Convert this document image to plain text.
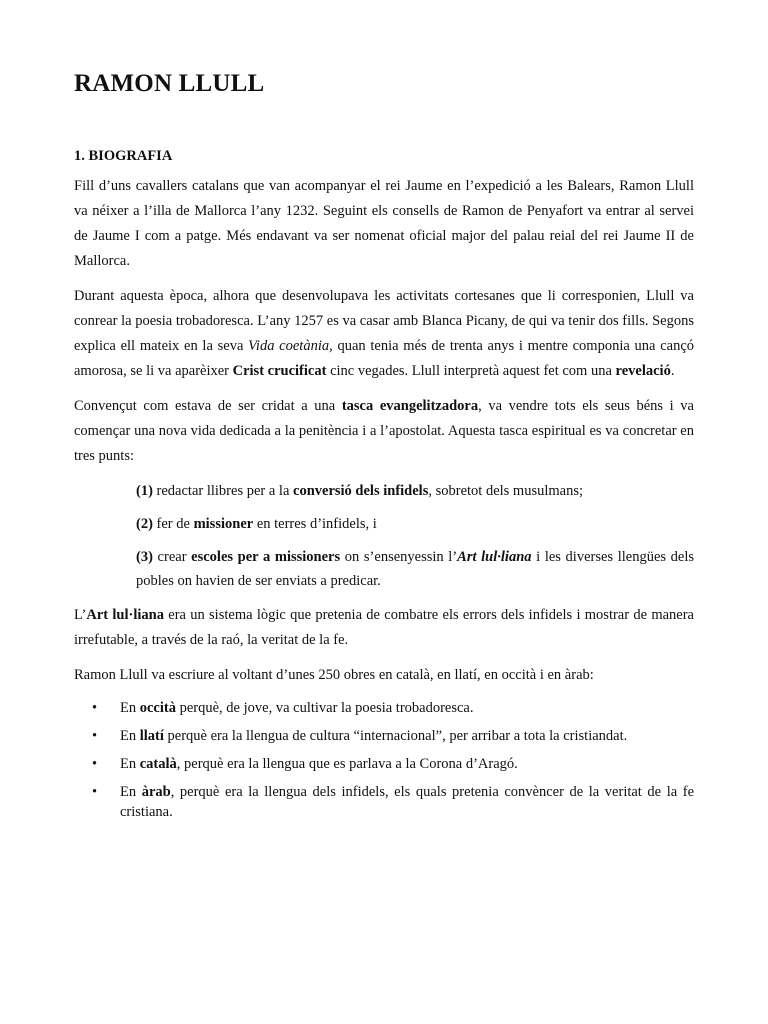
RAMON LLULL
1. BIOGRAFIA

Fill d’uns cavallers catalans que van acompanyar el rei Jaume en l’expedició a les Balears, Ramon Llull va néixer a l’illa de Mallorca l’any 1232. Seguint els consells de Ramon de Penyafort va entrar al servei de Jaume I com a patge. Més endavant va ser nomenat oficial major del palau reial del rei Jaume II de Mallorca.

Durant aquesta època, alhora que desenvolupava les activitats cortesanes que li corresponien, Llull va conrear la poesia trobadoresca. L’any 1257 es va casar amb Blanca Picany, de qui va tenir dos fills. Segons explica ell mateix en la seva Vida coetània, quan tenia més de trenta anys i mentre componia una cançó amorosa, se li va aparèixer Crist crucificat cinc vegades. Llull interpretà aquest fet com una revelació.

Convençut com estava de ser cridat a una tasca evangelitzadora, va vendre tots els seus béns i va començar una nova vida dedicada a la penitència i a l’apostolat. Aquesta tasca espiritual es va concretar en tres punts:

(1) redactar llibres per a la conversió dels infidels, sobretot dels musulmans;
(2) fer de missioner en terres d’infidels, i
(3) crear escoles per a missioners on s’ensenyessin l’Art lul·liana i les diverses llengües dels pobles on havien de ser enviats a predicar.

L’Art lul·liana era un sistema lògic que pretenia de combatre els errors dels infidels i mostrar de manera irrefutable, a través de la raó, la veritat de la fe.

Ramon Llull va escriure al voltant d’unes 250 obres en català, en llatí, en occità i en àrab:

• En occità perquè, de jove, va cultivar la poesia trobadoresca.
• En llatí perquè era la llengua de cultura “internacional”, per arribar a tota la cristiandat.
• En català, perquè era la llengua que es parlava a la Corona d’Aragó.
• En àrab, perquè era la llengua dels infidels, els quals pretenia convèncer de la veritat de la fe cristiana.
